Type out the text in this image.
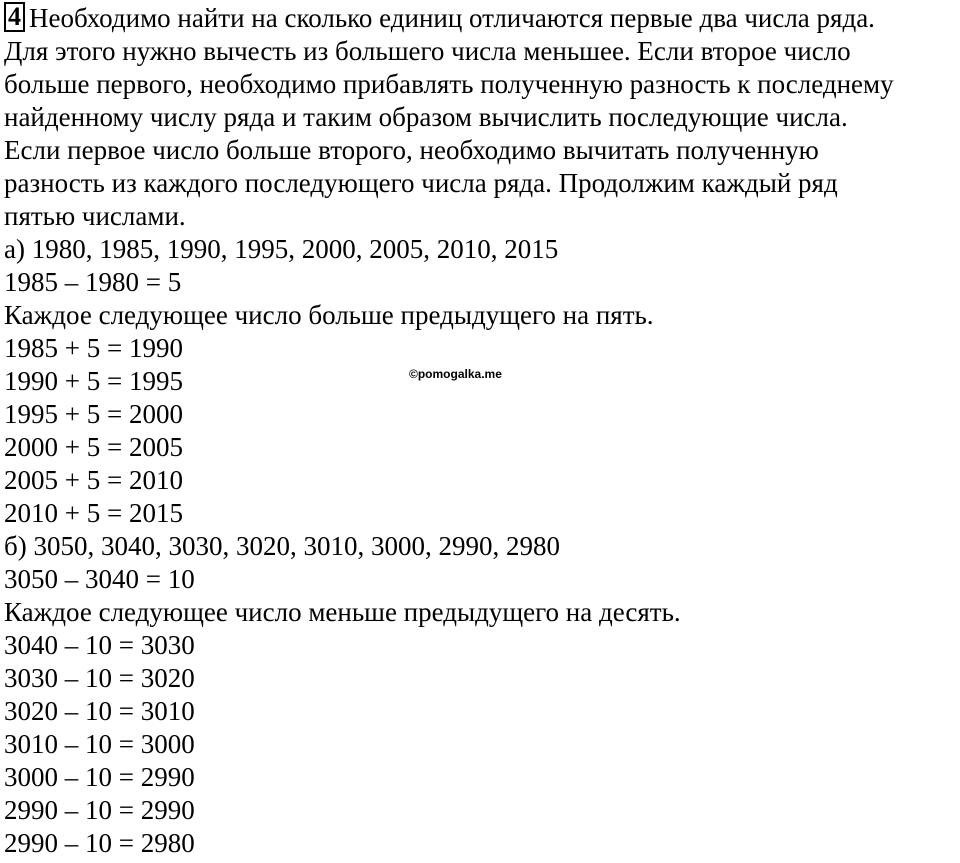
4 Необходимо найти на сколько единиц отличаются первые два числа ряда.
Для этого нужно вычесть из большего числа меньшее. Если второе число
больше первого, необходимо прибавлять полученную разность к последнему
найденному числу ряда и таким образом вычислить последующие числа.
Если первое число больше второго, необходимо вычитать полученную
разность из каждого последующего числа ряда. Продолжим каждый ряд
пятью числами.
а) 1980, 1985, 1990, 1995, 2000, 2005, 2010, 2015
1985 – 1980 = 5
Каждое следующее число больше предыдущего на пять.
1985 + 5 = 1990
1990 + 5 = 1995
1995 + 5 = 2000
2000 + 5 = 2005
2005 + 5 = 2010
2010 + 5 = 2015
б) 3050, 3040, 3030, 3020, 3010, 3000, 2990, 2980
3050 – 3040 = 10
Каждое следующее число меньше предыдущего на десять.
3040 – 10 = 3030
3030 – 10 = 3020
3020 – 10 = 3010
3010 – 10 = 3000
3000 – 10 = 2990
2990 – 10 = 2990
2990 – 10 = 2980
©pomogalka.me
